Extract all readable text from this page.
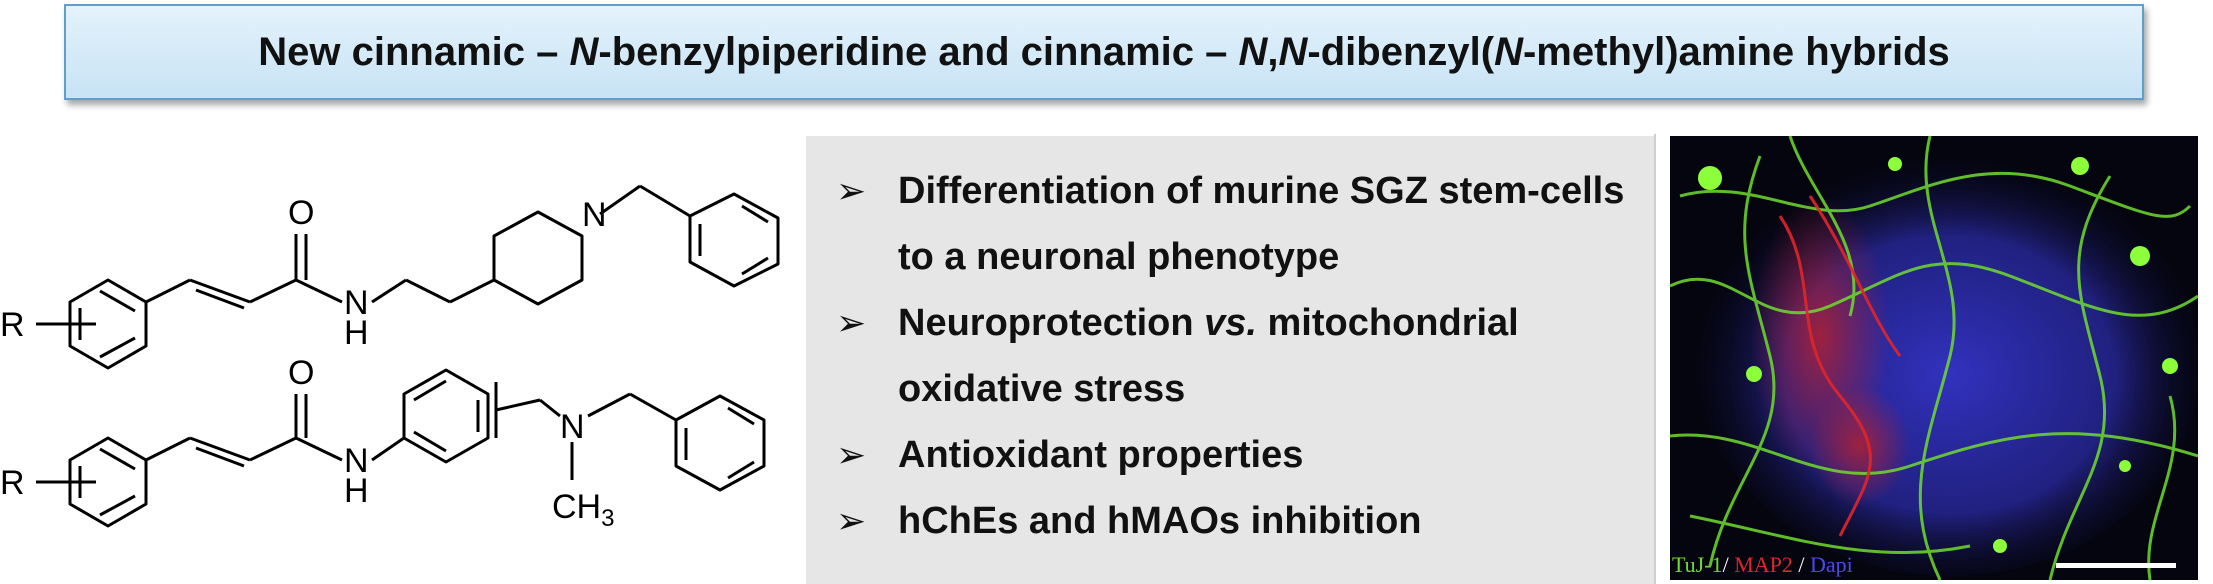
New cinnamic – N-benzylpiperidine and cinnamic – N,N-dibenzyl(N-methyl)amine hybrids
R
O
N
H
N
R
O
N
H
N
$CH_3$
➢ Differentiation of murine SGZ stem-cells to a neuronal phenotype
➢ Neuroprotection vs. mitochondrial oxidative stress
➢ Antioxidant properties
➢ hChEs and hMAOs inhibition
TuJ-1/ MAP2 / Dapi
